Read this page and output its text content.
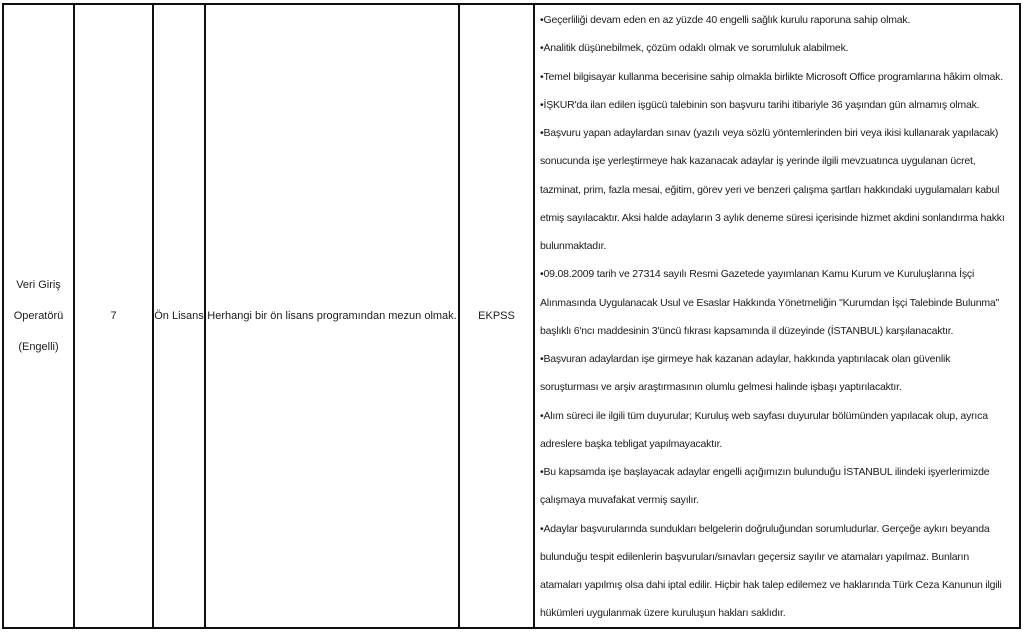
Veri Giriş
Operatörü
(Engelli)
7	Ön Lisans Herhangi bir ön lisans programından mezun olmak. EKPSS
•Geçerliliği devam eden en az yüzde 40 engelli sağlık kurulu raporuna sahip olmak.
•Analitik düşünebilmek, çözüm odaklı olmak ve sorumluluk alabilmek.
•Temel bilgisayar kullanma becerisine sahip olmakla birlikte Microsoft Office programlarına hâkim olmak.
•İŞKUR'da ilan edilen işgücü talebinin son başvuru tarihi itibariyle 36 yaşından gün almamış olmak.
•Başvuru yapan adaylardan sınav (yazılı veya sözlü yöntemlerinden biri veya ikisi kullanarak yapılacak)
sonucunda işe yerleştirmeye hak kazanacak adaylar iş yerinde ilgili mevzuatınca uygulanan ücret,
tazminat, prim, fazla mesai, eğitim, görev yeri ve benzeri çalışma şartları hakkındaki uygulamaları kabul
etmiş sayılacaktır. Aksi halde adayların 3 aylık deneme süresi içerisinde hizmet akdini sonlandırma hakkı
bulunmaktadır.
•09.08.2009 tarih ve 27314 sayılı Resmi Gazetede yayımlanan Kamu Kurum ve Kuruluşlarına İşçi
Alınmasında Uygulanacak Usul ve Esaslar Hakkında Yönetmeliğin "Kurumdan İşçi Talebinde Bulunma"
başlıklı 6'ncı maddesinin 3'üncü fıkrası kapsamında il düzeyinde (İSTANBUL) karşılanacaktır.
•Başvuran adaylardan işe girmeye hak kazanan adaylar, hakkında yaptırılacak olan güvenlik
soruşturması ve arşiv araştırmasının olumlu gelmesi halinde işbaşı yaptırılacaktır.
•Alım süreci ile ilgili tüm duyurular; Kuruluş web sayfası duyurular bölümünden yapılacak olup, ayrıca
adreslere başka tebligat yapılmayacaktır.
•Bu kapsamda işe başlayacak adaylar engelli açığımızın bulunduğu İSTANBUL ilindeki işyerlerimizde
çalışmaya muvafakat vermiş sayılır.
•Adaylar başvurularında sundukları belgelerin doğruluğundan sorumludurlar. Gerçeğe aykırı beyanda
bulunduğu tespit edilenlerin başvuruları/sınavları geçersiz sayılır ve atamaları yapılmaz. Bunların
atamaları yapılmış olsa dahi iptal edilir. Hiçbir hak talep edilemez ve haklarında Türk Ceza Kanunun ilgili
hükümleri uygulanmak üzere kuruluşun hakları saklıdır.
